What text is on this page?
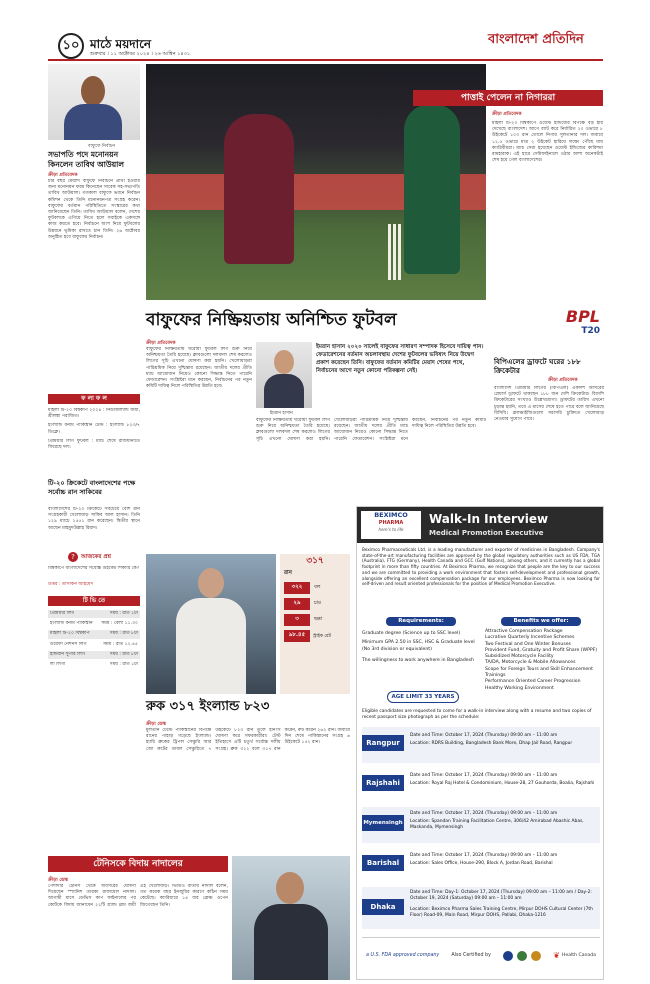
১০ মাঠে ময়দানে
শুক্রবার । ১১ অক্টোবর ২০২৪ । ২৬ আশ্বিন ১৪৩১
বাংলাদেশ প্রতিদিন
বাফুফে নির্বাচন
সভাপতি পদে মনোনয়ন কিনলেন তাবিথ আউয়াল
ক্রীড়া প্রতিবেদক
চার বছর মেয়াদি বাফুফে নির্বাচনে প্রার্থী হওয়ার জন্য মনোনয়ন ফরম কিনেছেন সাবেক সহ-সভাপতি তাবিথ আউয়াল। গতকাল বাফুফে ভবনে নির্বাচন কমিশন থেকে তিনি মনোনয়নপত্র সংগ্রহ করেন। বাফুফের বর্তমান পরিস্থিতিতে সংস্কারের কথা জানিয়েছেন তিনি। তাবিথ আউয়াল বলেন, দেশের ফুটবলকে এগিয়ে নিতে হলে সবাইকে একসঙ্গে কাজ করতে হবে। নির্বাচনে অংশ নিয়ে ফুটবলের উন্নয়নে ভূমিকা রাখতে চান তিনি। ২৬ অক্টোবর অনুষ্ঠিত হবে বাফুফের নির্বাচন।
ফ লা ফ ল
মহিলা টি-২০ বিশ্বকাপ ২০২৪ : নিউজিল্যান্ড জয়ী, শ্রীলঙ্কা পরাজিত।
ইংল্যান্ড বনাম পাকিস্তান টেস্ট : ইংল্যান্ড ৮২৩/৭ ডিক্লে।
প্রিমিয়ার লিগ ফুটবল : ম্যাচ শেষে রাজধানীতে ফিরেছে দল।
টি-২০ ক্রিকেটে বাংলাদেশের পক্ষে সর্বোচ্চ রান সাকিবের
বাংলাদেশের টি-২০ ক্রিকেটে সবচেয়ে বেশি রান সংগ্রহকারী খেলোয়াড় সাকিব আল হাসান। তিনি ১২৯ ম্যাচে ২৫৫১ রান করেছেন। দ্বিতীয় স্থানে আছেন মাহমুদউল্লাহ রিয়াদ।
?	আজকের প্রশ্ন
বিশ্বকাপে বাংলাদেশের সর্বোচ্চ উইকেট শিকারি কে?
উত্তর : তাসকিন আহমেদ
টি ভি তে
প্রিমিয়ার লিগ	সময় : রাত ১টা
ইংল্যান্ড বনাম পাকিস্তান সময় : বেলা ১১.৩০
মহিলা টি-২০ বিশ্বকাপ	সময় : রাত ৮টা
উয়েফা নেশনস লিগ	সময় : রাত ১২.৪৫
ইন্ডিয়ান সুপার লিগ	সময় : রাত ৮টা
লা লিগা	সময় : রাত ১টা
পাত্তাই পেলেন না নিগাররা
ক্রীড়া প্রতিবেদক
মহিলা টি-২০ বিশ্বকাপে ওয়েস্ট ইন্ডিজের বিপক্ষে বড় হার দেখেছে বাংলাদেশ। আগে ব্যাট করে নির্ধারিত ২০ ওভারে ৮ উইকেটে ১০৩ রান তোলে নিগার সুলতানার দল। জবাবে ১২.৫ ওভারে মাত্র ২ উইকেট হারিয়ে লক্ষ্যে পৌঁছে যায় ক্যারিবীয়রা। ম্যাচ সেরা হয়েছেন ওয়েস্ট ইন্ডিজের কারিশমা রামহারাক। এই হারে সেমিফাইনালে ওঠার আশা অনেকটাই শেষ হয়ে গেল বাংলাদেশের।
বাফুফের নিষ্ক্রিয়তায় অনিশ্চিত ফুটবল
ক্রীড়া প্রতিবেদক
বাফুফের নিষ্ক্রিয়তায় ঘরোয়া ফুটবল লিগ শুরু নিয়ে অনিশ্চয়তা তৈরি হয়েছে। ক্লাবগুলো দলবদল শেষ করলেও লিগের সূচি এখনো ঘোষণা করা হয়নি। খেলোয়াড়রা পারিশ্রমিক নিয়ে দুশ্চিন্তায় রয়েছেন। জাতীয় দলের প্রীতি ম্যাচ আয়োজন নিয়েও কোনো সিদ্ধান্ত নিতে পারেনি ফেডারেশন। সংশ্লিষ্টরা মনে করছেন, নির্বাচনের পর নতুন কমিটি দায়িত্ব নিলে পরিস্থিতির উন্নতি হবে।
ইমরান হাসান
ইমরান হাসান ২০২০ সালেই বাফুফের সাধারণ সম্পাদক হিসেবে দায়িত্ব পান। ফেডারেশনের বর্তমান অচলাবস্থায় দেশের ফুটবলের ভবিষ্যৎ নিয়ে উদ্বেগ প্রকাশ করেছেন তিনি। বাফুফের বর্তমান কমিটির মেয়াদ শেষের পথে, নির্বাচনের আগে নতুন কোনো পরিকল্পনা নেই।
বাফুফের নিষ্ক্রিয়তায় ঘরোয়া ফুটবল লিগ শুরু নিয়ে অনিশ্চয়তা তৈরি হয়েছে। ক্লাবগুলো দলবদল শেষ করলেও লিগের সূচি এখনো ঘোষণা করা হয়নি। খেলোয়াড়রা পারিশ্রমিক নিয়ে দুশ্চিন্তায় রয়েছেন। জাতীয় দলের প্রীতি ম্যাচ আয়োজন নিয়েও কোনো সিদ্ধান্ত নিতে পারেনি ফেডারেশন। সংশ্লিষ্টরা মনে করছেন, নির্বাচনের পর নতুন কমিটি দায়িত্ব নিলে পরিস্থিতির উন্নতি হবে।
BPL
T20
বিপিএলের ড্রাফটে ঘরের ১৮৮ ক্রিকেটার
ক্রীড়া প্রতিবেদক
বাংলাদেশ প্রিমিয়ার লিগের (বিপিএল) একাদশ আসরের প্লেয়ার্স ড্রাফটে থাকছেন ১৮৮ জন দেশি ক্রিকেটার। বিদেশি ক্রিকেটারের সংখ্যাও উল্লেখযোগ্য। ড্রাফটের তারিখ এখনো চূড়ান্ত হয়নি, তবে এ মাসের শেষে হতে পারে বলে জানিয়েছে বিসিবি। ফ্র্যাঞ্চাইজিগুলো সরাসরি চুক্তিতে খেলোয়াড় নেওয়ার সুযোগ পাবে।
৩১৭
রান
৩২২	বল
২৯	চার
৩	ছক্কা
৯৮.৪৫	স্ট্রাইক রেট
রুক ৩১৭ ইংল্যান্ড ৮২৩
ক্রীড়া ডেস্ক
মুলতান টেস্টে পাকিস্তানের বিপক্ষে রানের পাহাড় গড়েছে ইংল্যান্ড। হ্যারি ব্রুকের ট্রিপল সেঞ্চুরি আর জো রুটের ডাবল সেঞ্চুরিতে ৭ উইকেটে ৮২৩ রান তুলে ইনিংস ঘোষণা করে সফরকারীরা। টেস্ট ইতিহাসে এটি চতুর্থ সর্বোচ্চ দলীয় সংগ্রহ। ব্রুক ৩২২ বলে ৩১৭ রান করেন, রুট করেন ২৬২ রান। জবাবে দিন শেষে পাকিস্তানের সংগ্রহ ৬ উইকেটে ১৫২ রান।
টেনিসকে বিদায় নাদালের
ক্রীড়া ডেস্ক
পেশাদার টেনিস থেকে অবসরের ঘোষণা দিয়েছেন স্প্যানিশ তারকা রাফায়েল নাদাল। আগামী মাসে ডেভিস কাপ ফাইনালের পর কোর্টকে বিদায় জানাবেন ২২টি গ্র্যান্ড স্লাম জয়ী এই খেলোয়াড়। ভিডিও বার্তায় নাদাল বলেন, গত কয়েক বছর ইনজুরির কারণে কঠিন সময় কেটেছে। ক্যারিয়ারে ১৪ বার ফ্রেঞ্চ ওপেন জিতেছেন তিনি।
BEXIMCO
PHARMA
here's to life
Walk-In Interview
Medical Promotion Executive
Beximco Pharmaceuticals Ltd. is a leading manufacturer and exporter of medicines in Bangladesh. Company's state-of-the-art manufacturing facilities are approved by the global regulatory authorities such as US FDA, TGA (Australia), FTG (Germany), Health Canada and GCC (Gulf Nations), among others, and it currently has a global footprint in more than fifty countries. At Beximco Pharma, we recognize that people are the key to our success and we are committed to providing a work environment that fosters self-development and professional growth, alongside offering an excellent compensation package for our employees. Beximco Pharma is now looking for self-driven and result oriented professionals for the position of Medical Promotion Executive.
Requirements:
Graduate degree (Science up to SSC level)
Minimum GPA 2.50 in SSC, HSC & Graduate level (No 3rd division or equivalent)
The willingness to work anywhere in Bangladesh
AGE LIMIT 33 YEARS
Benefits we offer:
Attractive Compensation Package
Lucrative Quarterly Incentive Schemes
Two Festival and One Winter Bonuses
Provident Fund, Gratuity and Profit Share (WPPF)
Subsidized Motorcycle Facility
TA/DA, Motorcycle & Mobile Allowances
Scope for Foreign Tours and Skill Enhancement Trainings
Performance Oriented Career Progression
Healthy Working Environment
Eligible candidates are requested to come for a walk-in interview along with a resume and two copies of recent passport size photograph as per the schedule:
Rangpur
Date and Time: October 17, 2024 (Thursday) 09:00 am – 11:00 am
Location: RDRS Building, Bangladesh Bank More, Dhap Jail Road, Rangpur
Rajshahi
Date and Time: October 17, 2024 (Thursday) 09:00 am – 11:00 am
Location: Royal Raj Hotel & Condominium, House-28, 27 Gouhorda, Boalia, Rajshahi
Mymensingh
Date and Time: October 17, 2024 (Thursday) 09:00 am – 11:00 am
Location: Spandan Training Facilitation Centre, 306/42 Amirabad Abashic Abas, Maskanda, Mymensingh
Barishal
Date and Time: October 17, 2024 (Thursday) 09:00 am – 11:00 am
Location: Sales Office, House-290, Block A, Jordan Road, Barishal
Dhaka
Date and Time: Day-1: October 17, 2024 (Thursday) 09:00 am – 11:00 am / Day-2: October 19, 2024 (Saturday) 09:00 am – 11:00 am
Location: Beximco Pharma Sales Training Centre, Mirpur DOHS Cultural Center (7th Floor) Road-09, Main Road, Mirpur DOHS, Pallabi, Dhaka-1216
a U.S. FDA approved company	Also Certified by	❦ Health Canada
